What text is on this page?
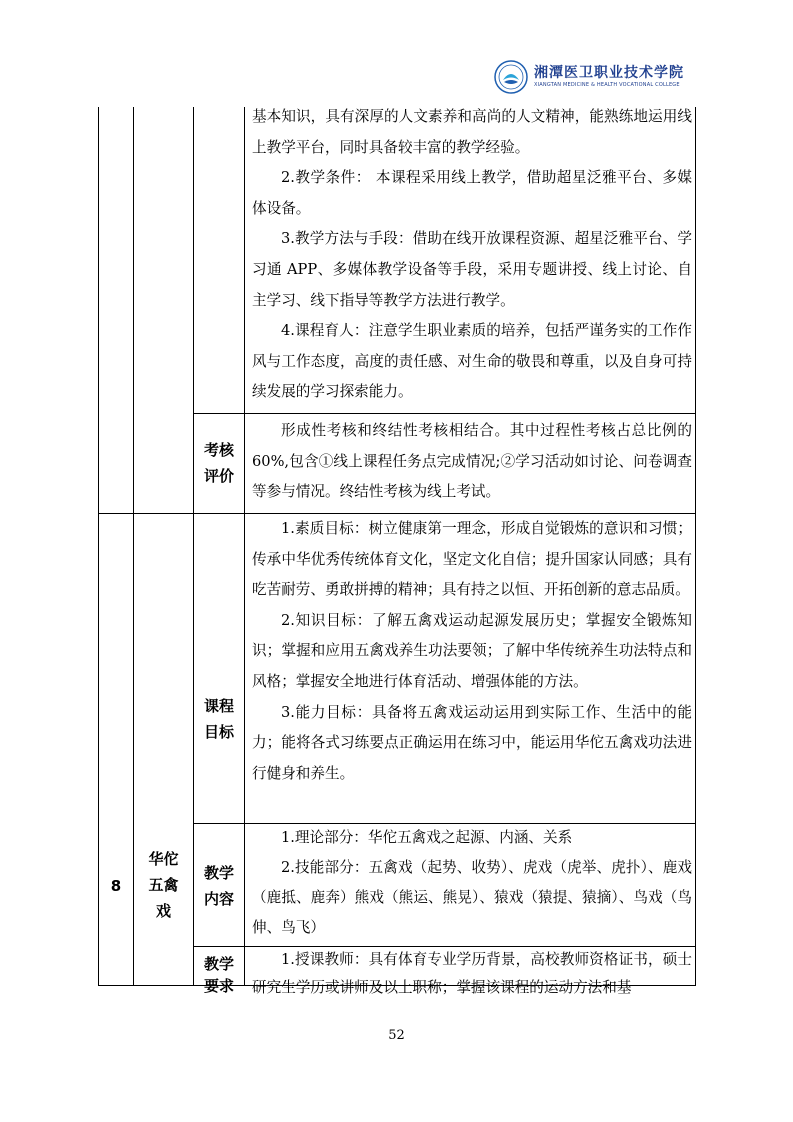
湘潭医卫职业技术学院
XIANGTAN MEDICINE & HEALTH VOCATIONAL COLLEGE

基本知识，具有深厚的人文素养和高尚的人文精神，能熟练地运用线上教学平台，同时具备较丰富的教学经验。

2.教学条件： 本课程采用线上教学，借助超星泛雅平台、多媒体设备。

3.教学方法与手段：借助在线开放课程资源、超星泛雅平台、学习通 APP、多媒体教学设备等手段，采用专题讲授、线上讨论、自主学习、线下指导等教学方法进行教学。

4.课程育人：注意学生职业素质的培养，包括严谨务实的工作作风与工作态度，高度的责任感、对生命的敬畏和尊重，以及自身可持续发展的学习探索能力。

考核
评价

形成性考核和终结性考核相结合。其中过程性考核占总比例的 60%,包含①线上课程任务点完成情况;②学习活动如讨论、问卷调查等参与情况。终结性考核为线上考试。

8
华佗
五禽
戏
课程
目标

1.素质目标：树立健康第一理念，形成自觉锻炼的意识和习惯；传承中华优秀传统体育文化，坚定文化自信；提升国家认同感；具有吃苦耐劳、勇敢拼搏的精神；具有持之以恒、开拓创新的意志品质。

2.知识目标：了解五禽戏运动起源发展历史；掌握安全锻炼知识；掌握和应用五禽戏养生功法要领；了解中华传统养生功法特点和风格；掌握安全地进行体育活动、增强体能的方法。

3.能力目标：具备将五禽戏运动运用到实际工作、生活中的能力；能将各式习练要点正确运用在练习中，能运用华佗五禽戏功法进行健身和养生。

教学
内容

1.理论部分：华佗五禽戏之起源、内涵、关系

2.技能部分：五禽戏（起势、收势）、虎戏（虎举、虎扑）、鹿戏（鹿抵、鹿奔）熊戏（熊运、熊晃）、猿戏（猿提、猿摘）、鸟戏（鸟伸、鸟飞）

教学
要求

1.授课教师：具有体育专业学历背景，高校教师资格证书，硕士研究生学历或讲师及以上职称；掌握该课程的运动方法和基

52
